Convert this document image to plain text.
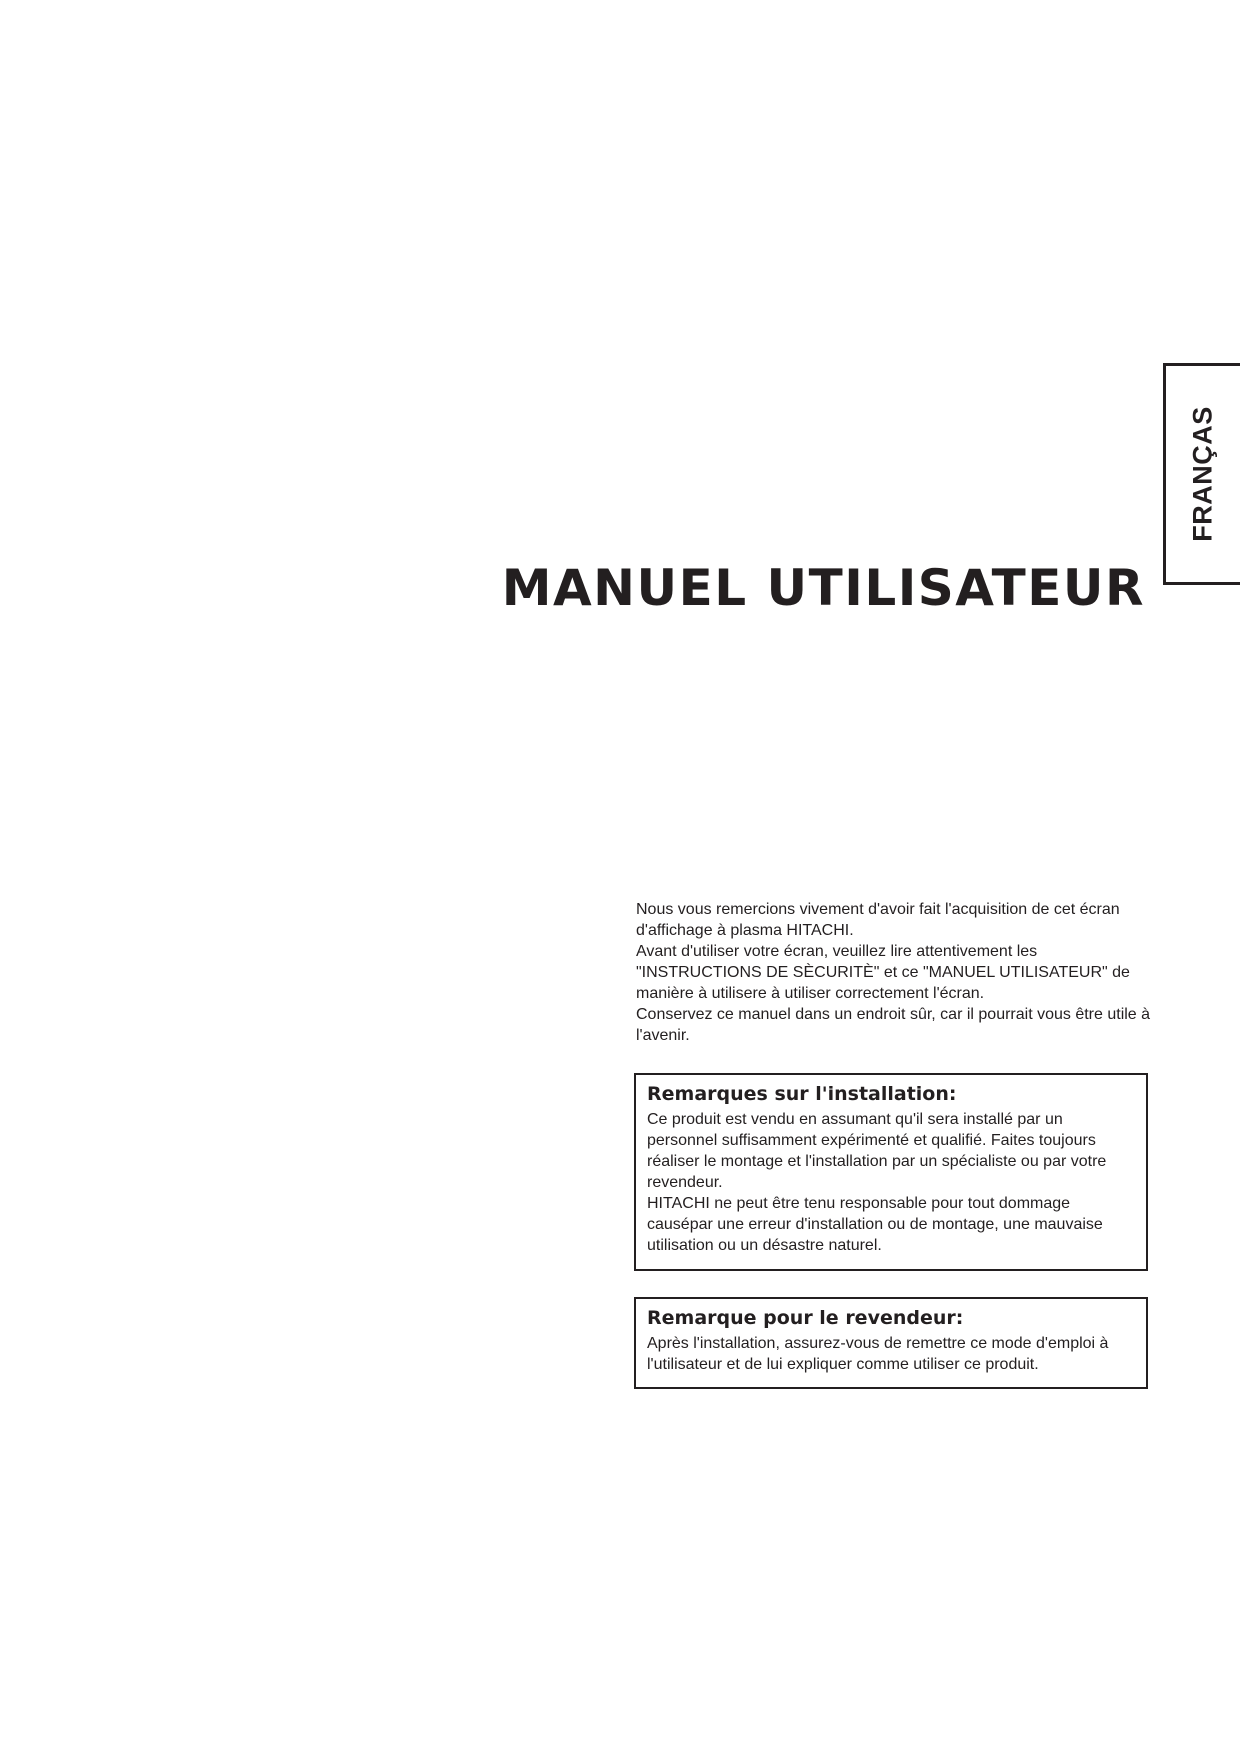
FRANÇAS
MANUEL UTILISATEUR

Nous vous remercions vivement d'avoir fait l'acquisition de cet écran d'affichage à plasma HITACHI.

Avant d'utiliser votre écran, veuillez lire attentivement les "INSTRUCTIONS DE SÈCURITÈ" et ce "MANUEL UTILISATEUR" de manière à utilisere à utiliser correctement l'écran.

Conservez ce manuel dans un endroit sûr, car il pourrait vous être utile à l'avenir.

Remarques sur l'installation:

Ce produit est vendu en assumant qu'il sera installé par un personnel suffisamment expérimenté et qualifié. Faites toujours réaliser le montage et l'installation par un spécialiste ou par votre revendeur.

HITACHI ne peut être tenu responsable pour tout dommage causépar une erreur d'installation ou de montage, une mauvaise utilisation ou un désastre naturel.

Remarque pour le revendeur:

Après l'installation, assurez-vous de remettre ce mode d'emploi à l'utilisateur et de lui expliquer comme utiliser ce produit.
